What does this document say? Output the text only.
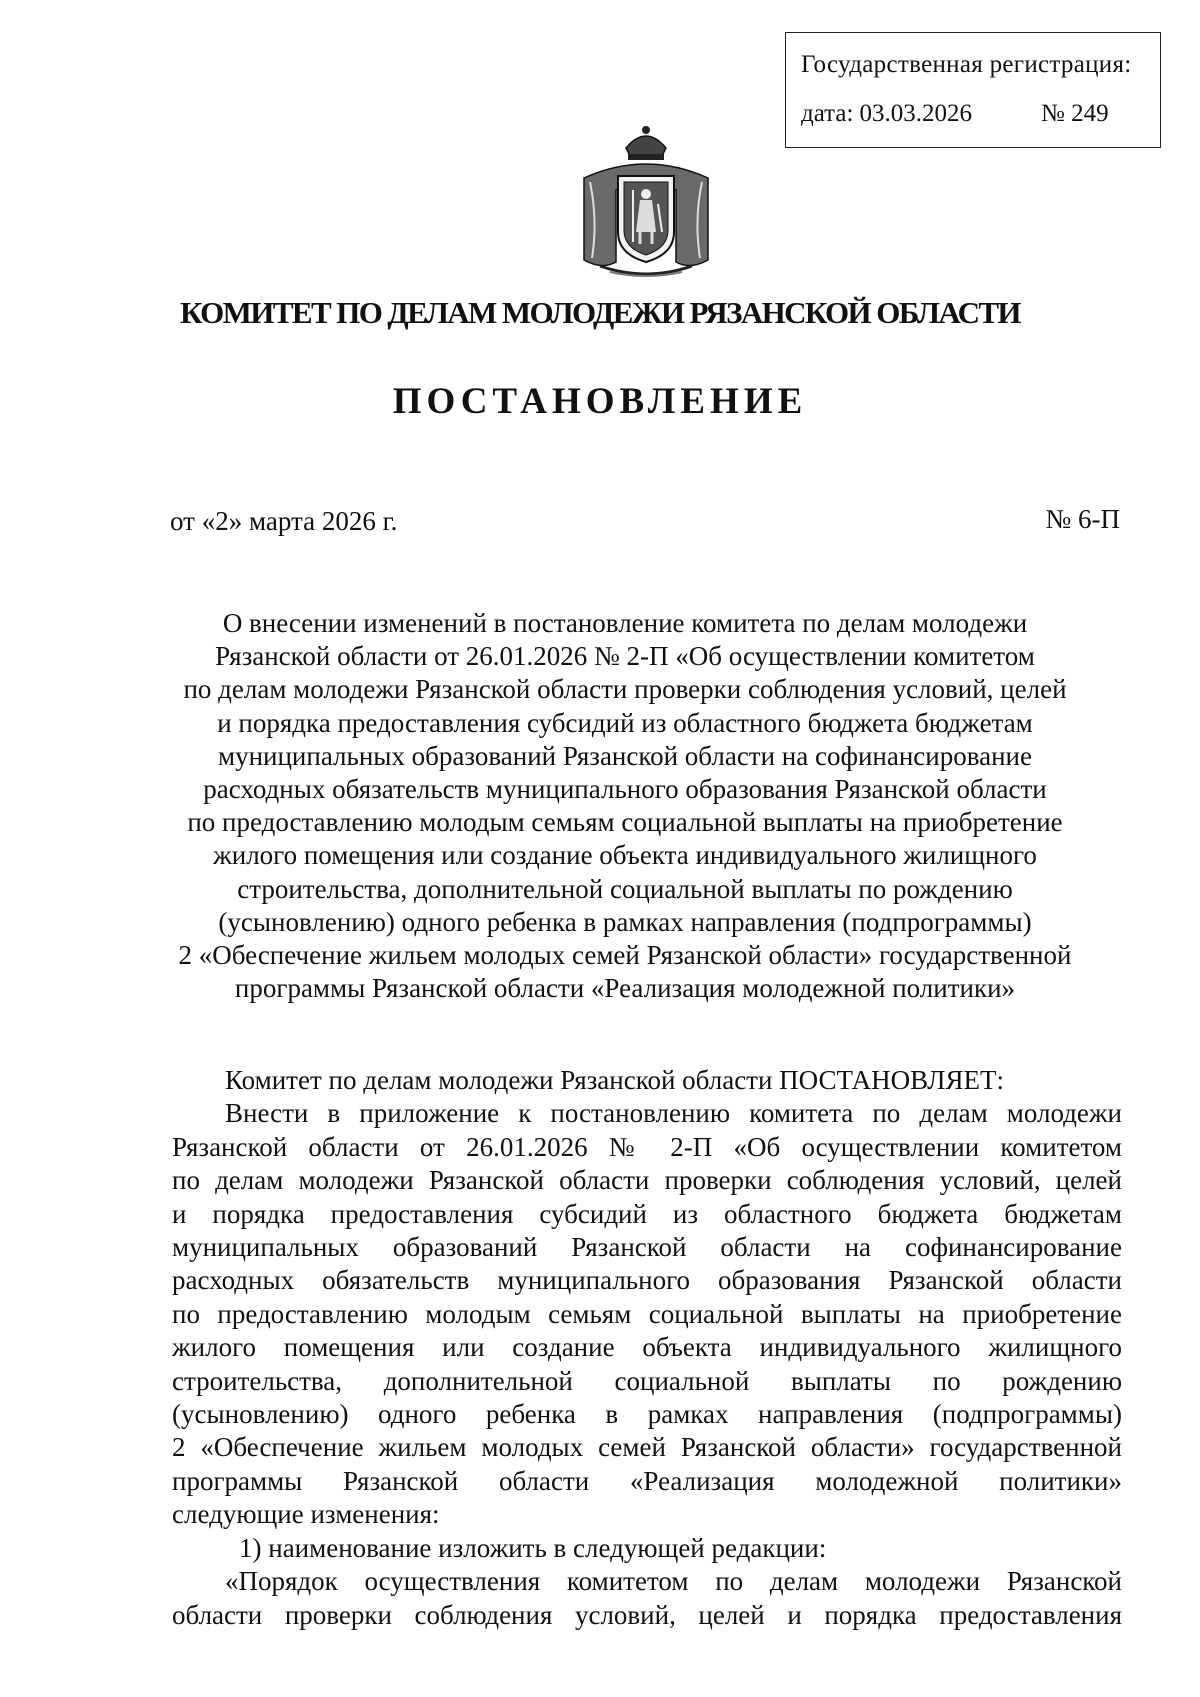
Государственная регистрация:
дата: 03.03.2026	№ 249
КОМИТЕТ ПО ДЕЛАМ МОЛОДЕЖИ РЯЗАНСКОЙ ОБЛАСТИ
ПОСТАНОВЛЕНИЕ
от «2» марта 2026 г.	№ 6-П
О внесении изменений в постановление комитета по делам молодежи
Рязанской области от 26.01.2026 № 2-П «Об осуществлении комитетом
по делам молодежи Рязанской области проверки соблюдения условий, целей
и порядка предоставления субсидий из областного бюджета бюджетам
муниципальных образований Рязанской области на софинансирование
расходных обязательств муниципального образования Рязанской области
по предоставлению молодым семьям социальной выплаты на приобретение
жилого помещения или создание объекта индивидуального жилищного
строительства, дополнительной социальной выплаты по рождению
(усыновлению) одного ребенка в рамках направления (подпрограммы)
2 «Обеспечение жильем молодых семей Рязанской области» государственной
программы Рязанской области «Реализация молодежной политики»
Комитет по делам молодежи Рязанской области ПОСТАНОВЛЯЕТ:
Внести в приложение к постановлению комитета по делам молодежи
Рязанской области от 26.01.2026 № 2-П «Об осуществлении комитетом
по делам молодежи Рязанской области проверки соблюдения условий, целей
и порядка предоставления субсидий из областного бюджета бюджетам
муниципальных образований Рязанской области на софинансирование
расходных обязательств муниципального образования Рязанской области
по предоставлению молодым семьям социальной выплаты на приобретение
жилого помещения или создание объекта индивидуального жилищного
строительства, дополнительной социальной выплаты по рождению
(усыновлению) одного ребенка в рамках направления (подпрограммы)
2 «Обеспечение жильем молодых семей Рязанской области» государственной
программы Рязанской области «Реализация молодежной политики»
следующие изменения:
1) наименование изложить в следующей редакции:
«Порядок осуществления комитетом по делам молодежи Рязанской
области проверки соблюдения условий, целей и порядка предоставления
